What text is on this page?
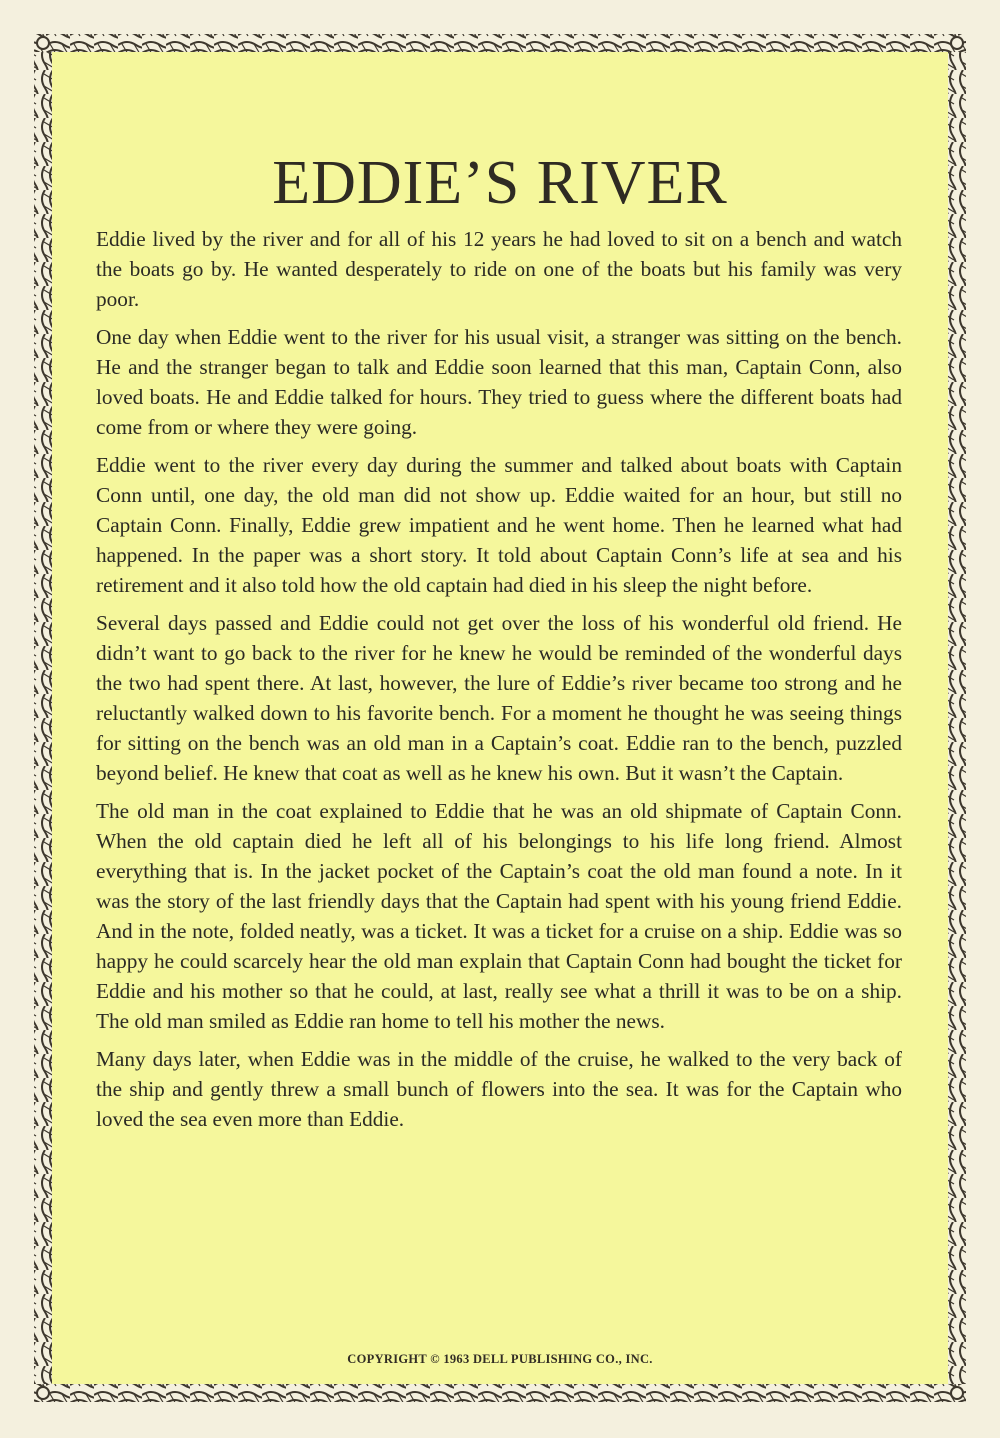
EDDIE’S RIVER

Eddie lived by the river and for all of his 12 years he had loved to sit on a bench and watch the boats go by. He wanted desperately to ride on one of the boats but his family was very poor.

One day when Eddie went to the river for his usual visit, a stranger was sitting on the bench. He and the stranger began to talk and Eddie soon learned that this man, Captain Conn, also loved boats. He and Eddie talked for hours. They tried to guess where the different boats had come from or where they were going.

Eddie went to the river every day during the summer and talked about boats with Captain Conn until, one day, the old man did not show up. Eddie waited for an hour, but still no Captain Conn. Finally, Eddie grew impatient and he went home. Then he learned what had happened. In the paper was a short story. It told about Captain Conn’s life at sea and his retirement and it also told how the old captain had died in his sleep the night before.

Several days passed and Eddie could not get over the loss of his wonderful old friend. He didn’t want to go back to the river for he knew he would be reminded of the wonderful days the two had spent there. At last, however, the lure of Eddie’s river became too strong and he reluctantly walked down to his favorite bench. For a moment he thought he was seeing things for sitting on the bench was an old man in a Captain’s coat. Eddie ran to the bench, puzzled beyond belief. He knew that coat as well as he knew his own. But it wasn’t the Captain.

The old man in the coat explained to Eddie that he was an old shipmate of Captain Conn. When the old captain died he left all of his belongings to his life long friend. Almost everything that is. In the jacket pocket of the Captain’s coat the old man found a note. In it was the story of the last friendly days that the Captain had spent with his young friend Eddie. And in the note, folded neatly, was a ticket. It was a ticket for a cruise on a ship. Eddie was so happy he could scarcely hear the old man explain that Captain Conn had bought the ticket for Eddie and his mother so that he could, at last, really see what a thrill it was to be on a ship. The old man smiled as Eddie ran home to tell his mother the news.

Many days later, when Eddie was in the middle of the cruise, he walked to the very back of the ship and gently threw a small bunch of flowers into the sea. It was for the Captain who loved the sea even more than Eddie.

COPYRIGHT © 1963 DELL PUBLISHING CO., INC.
